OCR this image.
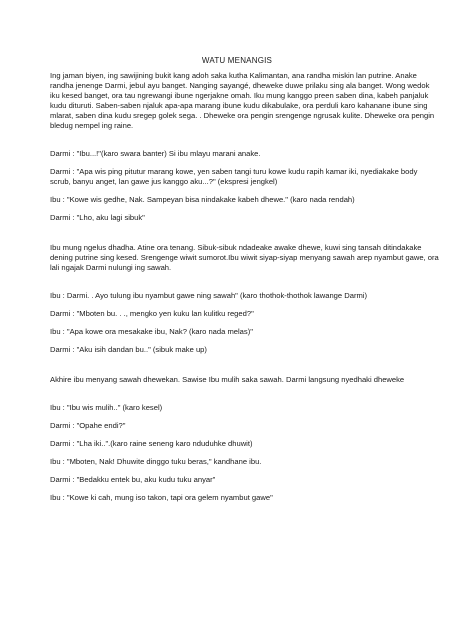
WATU MENANGIS

Ing jaman biyen, ing sawijining bukit kang adoh saka kutha Kalimantan, ana randha miskin lan putrine. Anake randha jenenge Darmi, jebul ayu banget. Nanging sayangé, dheweke duwe prilaku sing ala banget. Wong wedok iku kesed banget, ora tau ngrewangi ibune ngerjakne omah. Iku mung kanggo preen saben dina, kabeh panjaluk kudu dituruti. Saben-saben njaluk apa-apa marang ibune kudu dikabulake, ora perduli karo kahanane ibune sing mlarat, saben dina kudu sregep golek sega. . Dheweke ora pengin srengenge ngrusak kulite. Dheweke ora pengin bledug nempel ing raine.

Darmi : "Ibu...!"(karo swara banter) Si ibu mlayu marani anake.

Darmi : "Apa wis ping pitutur marang kowe, yen saben tangi turu kowe kudu rapih kamar iki, nyediakake body scrub, banyu anget, lan gawe jus kanggo aku...?" (ekspresi jengkel)

Ibu : "Kowe wis gedhe, Nak. Sampeyan bisa nindakake kabeh dhewe." (karo nada rendah)

Darmi : "Lho, aku lagi sibuk"

Ibu mung ngelus dhadha. Atine ora tenang. Sibuk-sibuk ndadeake awake dhewe, kuwi sing tansah ditindakake dening putrine sing kesed. Srengenge wiwit sumorot.Ibu wiwit siyap-siyap menyang sawah arep nyambut gawe, ora lali ngajak Darmi nulungi ing sawah.

Ibu : Darmi. . Ayo tulung ibu nyambut gawe ning sawah" (karo thothok-thothok lawange Darmi)

Darmi : "Mboten bu. . ., mengko yen kuku lan kulitku reged?"

Ibu : "Apa kowe ora mesakake ibu, Nak? (karo nada melas)"

Darmi : "Aku isih dandan bu.." (sibuk make up)

Akhire ibu menyang sawah dhewekan. Sawise Ibu mulih saka sawah. Darmi langsung nyedhaki dheweke

Ibu : "Ibu wis mulih.." (karo kesel)

Darmi : "Opahe endi?"

Darmi : "Lha iki..".(karo raine seneng karo nduduhke dhuwit)

Ibu : "Mboten, Nak! Dhuwite dinggo tuku beras," kandhane ibu.

Darmi : "Bedakku entek bu, aku kudu tuku anyar"

Ibu : "Kowe ki cah, mung iso takon, tapi ora gelem nyambut gawe"
